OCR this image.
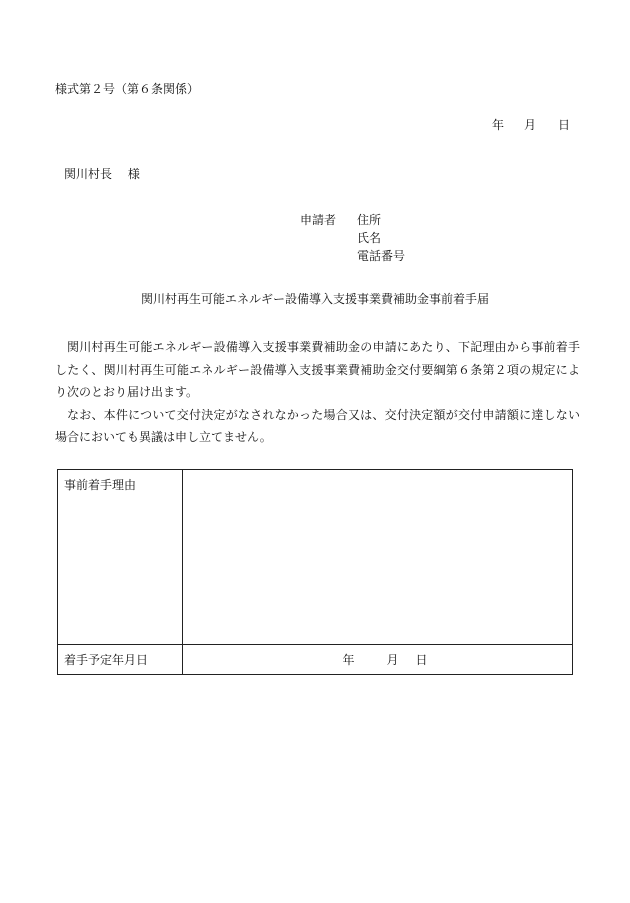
様式第２号（第６条関係）
年 月 日
関川村長　 様
申請者 住所
氏名
電話番号
関川村再生可能エネルギー設備導入支援事業費補助金事前着手届

関川村再生可能エネルギー設備導入支援事業費補助金の申請にあたり、下記理由から事前着手したく、関川村再生可能エネルギー設備導入支援事業費補助金交付要綱第６条第２項の規定により次のとおり届け出ます。

なお、本件について交付決定がなされなかった場合又は、交付決定額が交付申請額に達しない場合においても異議は申し立てません。

事前着手理由	
着手予定年月日	年 月 日
